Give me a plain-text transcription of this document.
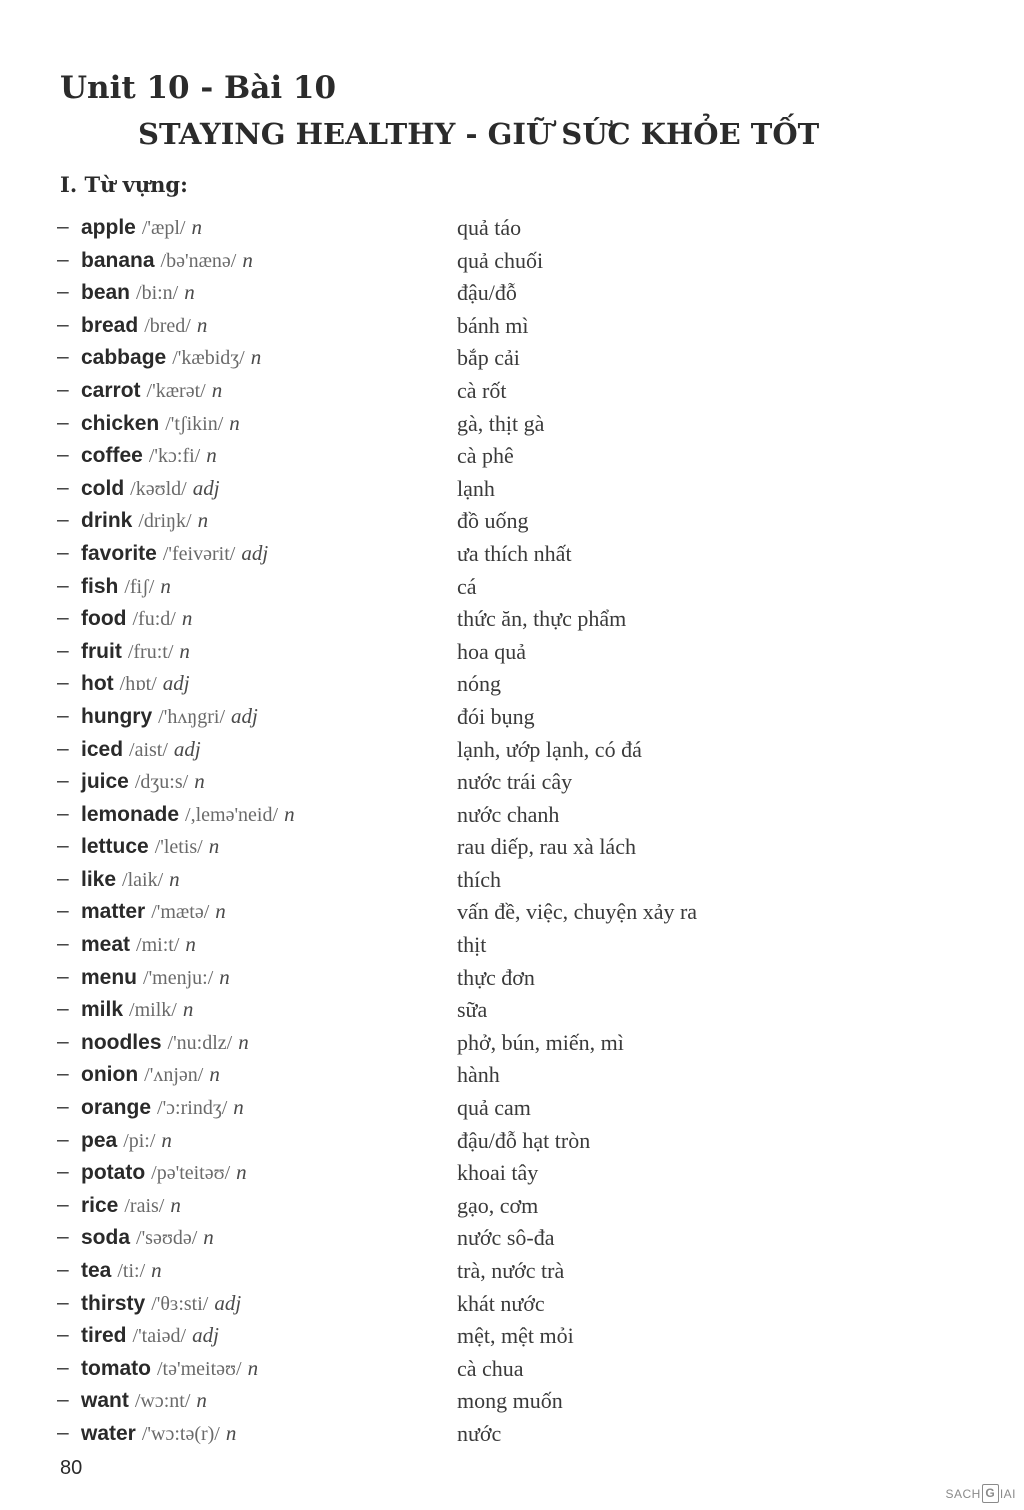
Unit 10 - Bài 10
STAYING HEALTHY - GIỮ SỨC KHỎE TỐT
I. Từ vựng:
– apple /'æpl/ n	quả táo
– banana /bə'nænə/ n	quả chuối
– bean /bi:n/ n	đậu/đỗ
– bread /bred/ n	bánh mì
– cabbage /'kæbidʒ/ n	bắp cải
– carrot /'kærət/ n	cà rốt
– chicken /'tʃikin/ n	gà, thịt gà
– coffee /'kɔ:fi/ n	cà phê
– cold /kəʊld/ adj	lạnh
– drink /driŋk/ n	đồ uống
– favorite /'feivərit/ adj	ưa thích nhất
– fish /fiʃ/ n	cá
– food /fu:d/ n	thức ăn, thực phẩm
– fruit /fru:t/ n	hoa quả
– hot /hɒt/ adj	nóng
– hungry /'hʌŋgri/ adj	đói bụng
– iced /aist/ adj	lạnh, ướp lạnh, có đá
– juice /dʒu:s/ n	nước trái cây
– lemonade /,lemə'neid/ n	nước chanh
– lettuce /'letis/ n	rau diếp, rau xà lách
– like /laik/ n	thích
– matter /'mætə/ n	vấn đề, việc, chuyện xảy ra
– meat /mi:t/ n	thịt
– menu /'menju:/ n	thực đơn
– milk /milk/ n	sữa
– noodles /'nu:dlz/ n	phở, bún, miến, mì
– onion /'ʌnjən/ n	hành
– orange /'ɔ:rindʒ/ n	quả cam
– pea /pi:/ n	đậu/đỗ hạt tròn
– potato /pə'teitəʊ/ n	khoai tây
– rice /rais/ n	gạo, cơm
– soda /'səʊdə/ n	nước sô-đa
– tea /ti:/ n	trà, nước trà
– thirsty /'θɜ:sti/ adj	khát nước
– tired /'taiəd/ adj	mệt, mệt mỏi
– tomato /tə'meitəʊ/ n	cà chua
– want /wɔ:nt/ n	mong muốn
– water /'wɔ:tə(r)/ n	nước
80
SACH G IAI
